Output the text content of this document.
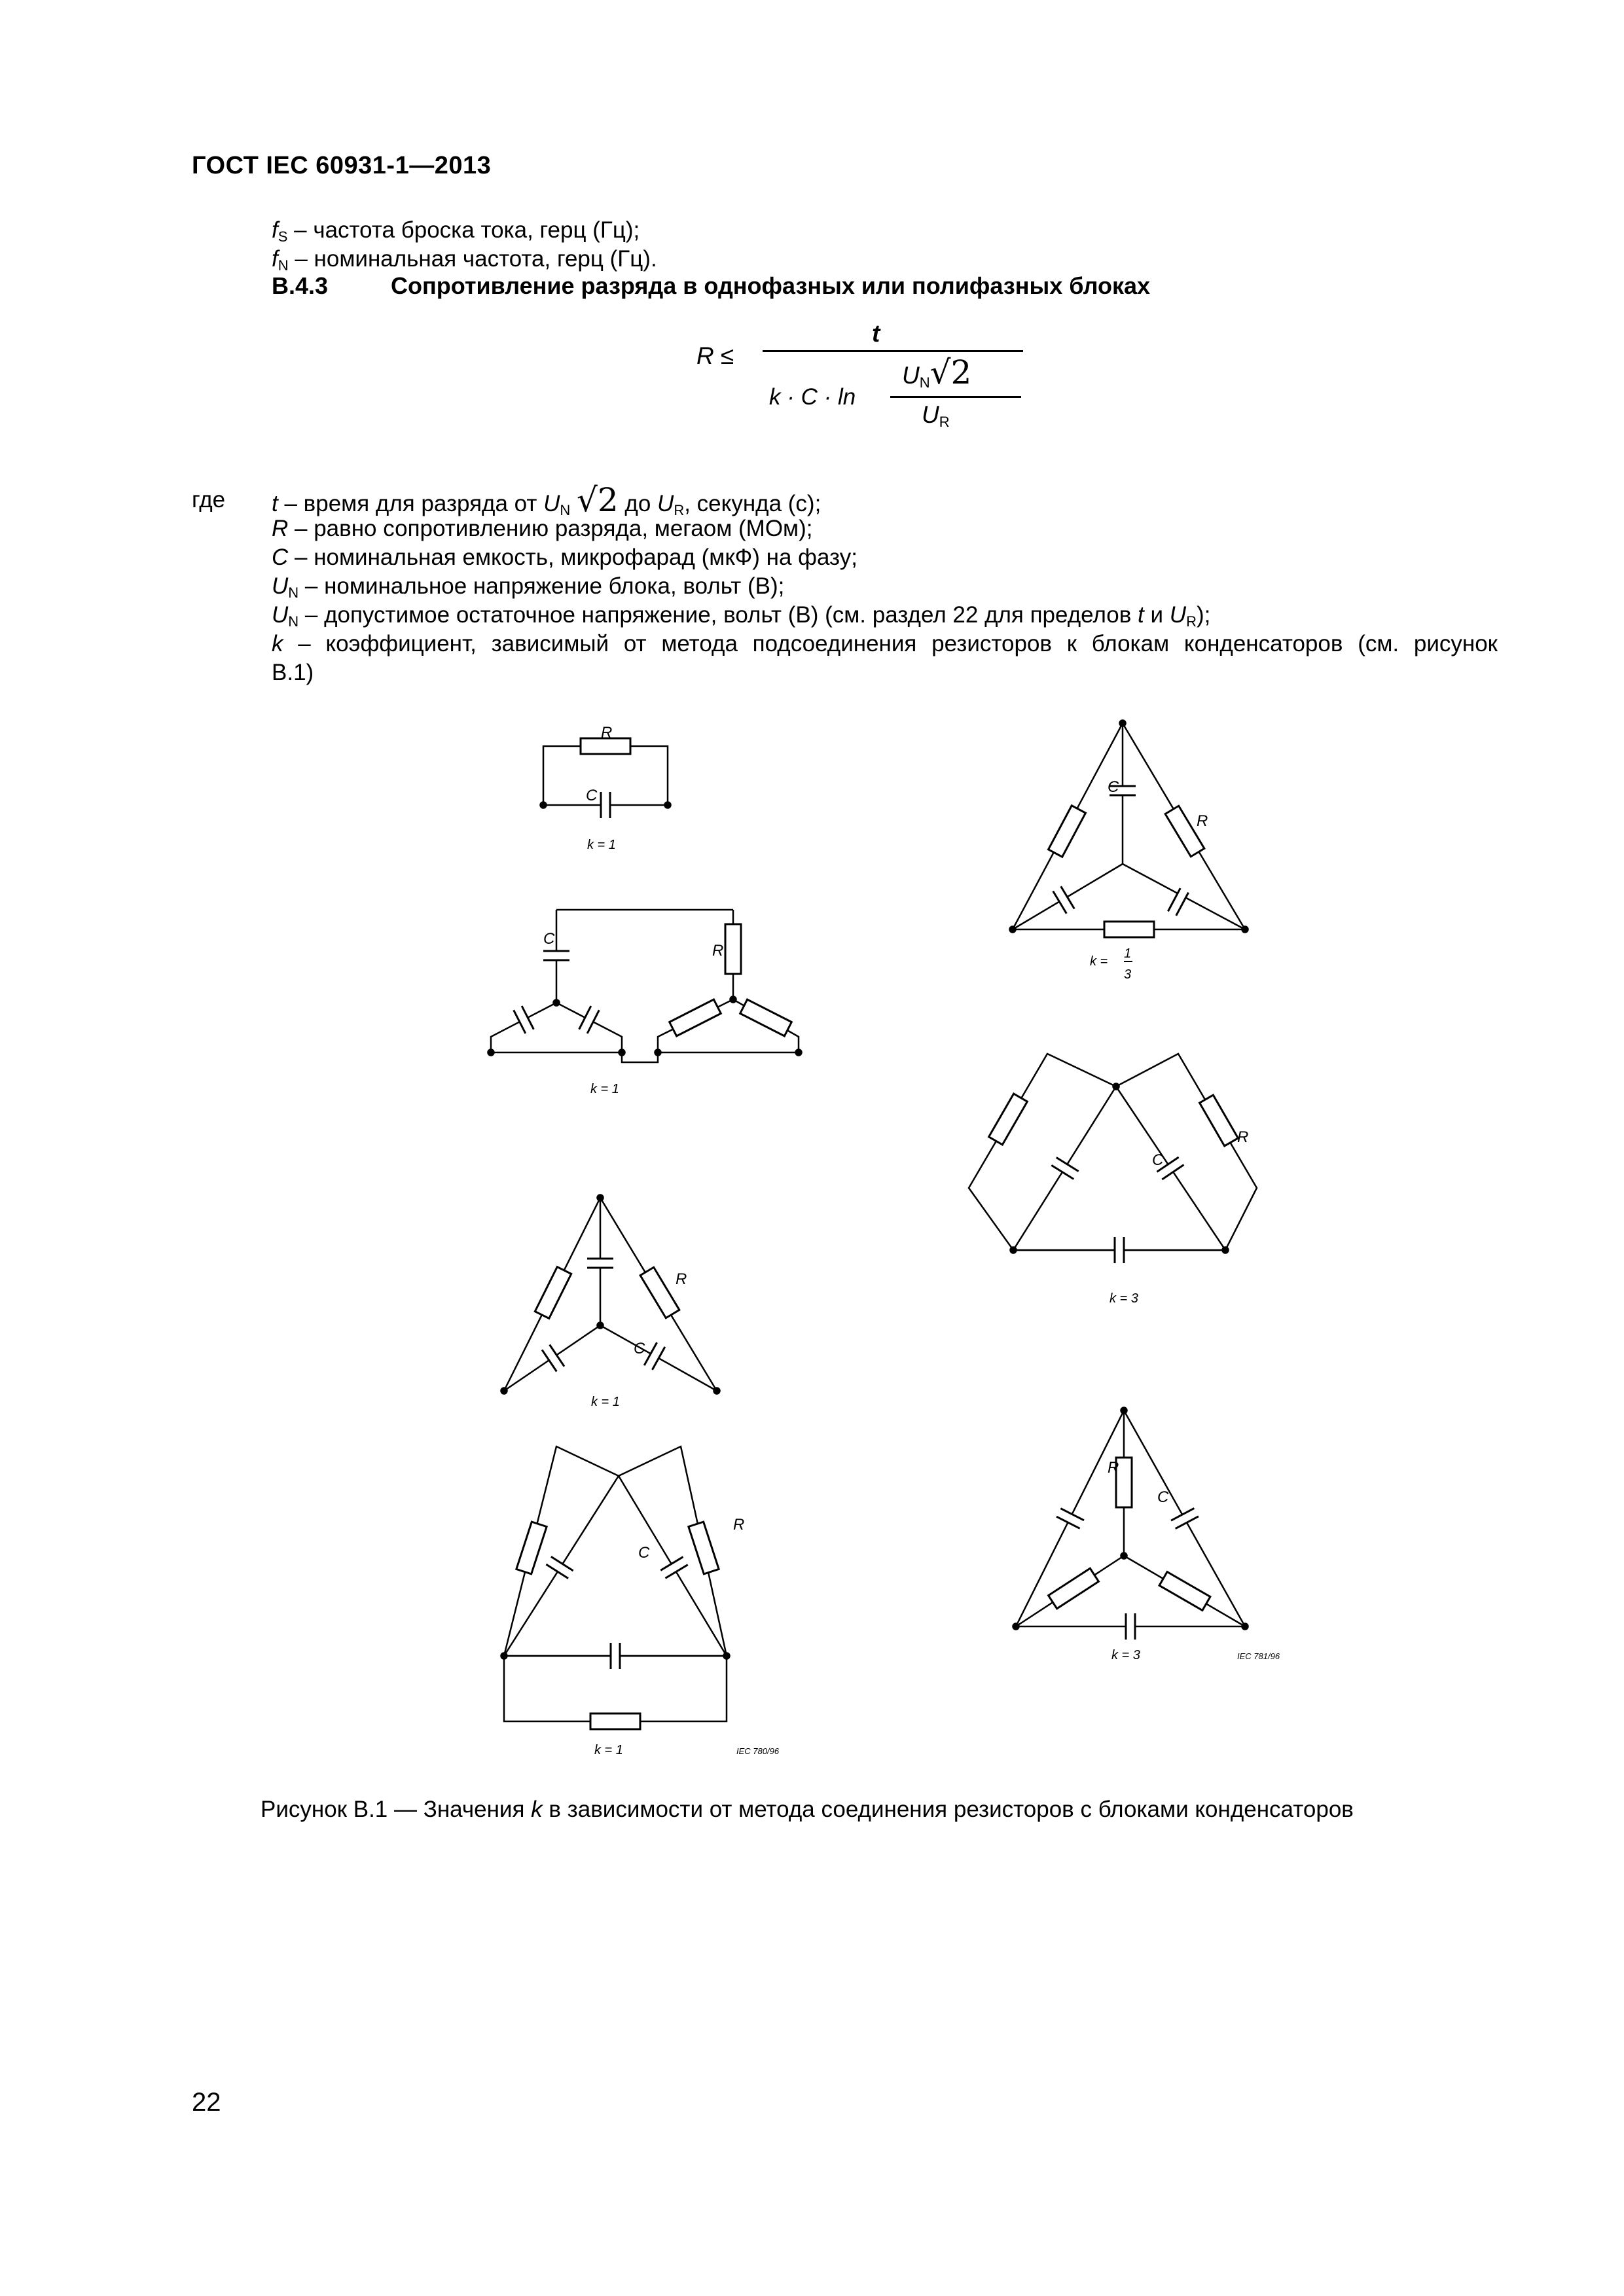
ГОСТ IEC 60931-1—2013
$f_S$ – частота броска тока, герц (Гц);
$f_N$ – номинальная частота, герц (Гц).
B.4.3	Сопротивление разряда в однофазных или полифазных блоках
R ≤
t
k · C · ln
$U_N√2$
$U_R$
где t – время для разряда от $U_N$ √2 до $U_R$, секунда (с);
R – равно сопротивлению разряда, мегаом (МОм);
C – номинальная емкость, микрофарад (мкФ) на фазу;
$U_N$ – номинальное напряжение блока, вольт (В);
$U_N$ – допустимое остаточное напряжение, вольт (В) (см. раздел 22 для пределов t и $U_R$);
k – коэффициент, зависимый от метода подсоединения резисторов к блокам конденсаторов (см. рисунок
В.1)
R
C
k = 1
C
R
k = 1
R
C
k = 1
R
C
k = 1	IEC 780/96
C
R
k =
1
3
R
C
k = 3
R
C
k = 3	IEC 781/96
Рисунок В.1 — Значения k в зависимости от метода соединения резисторов с блоками конденсаторов
22
